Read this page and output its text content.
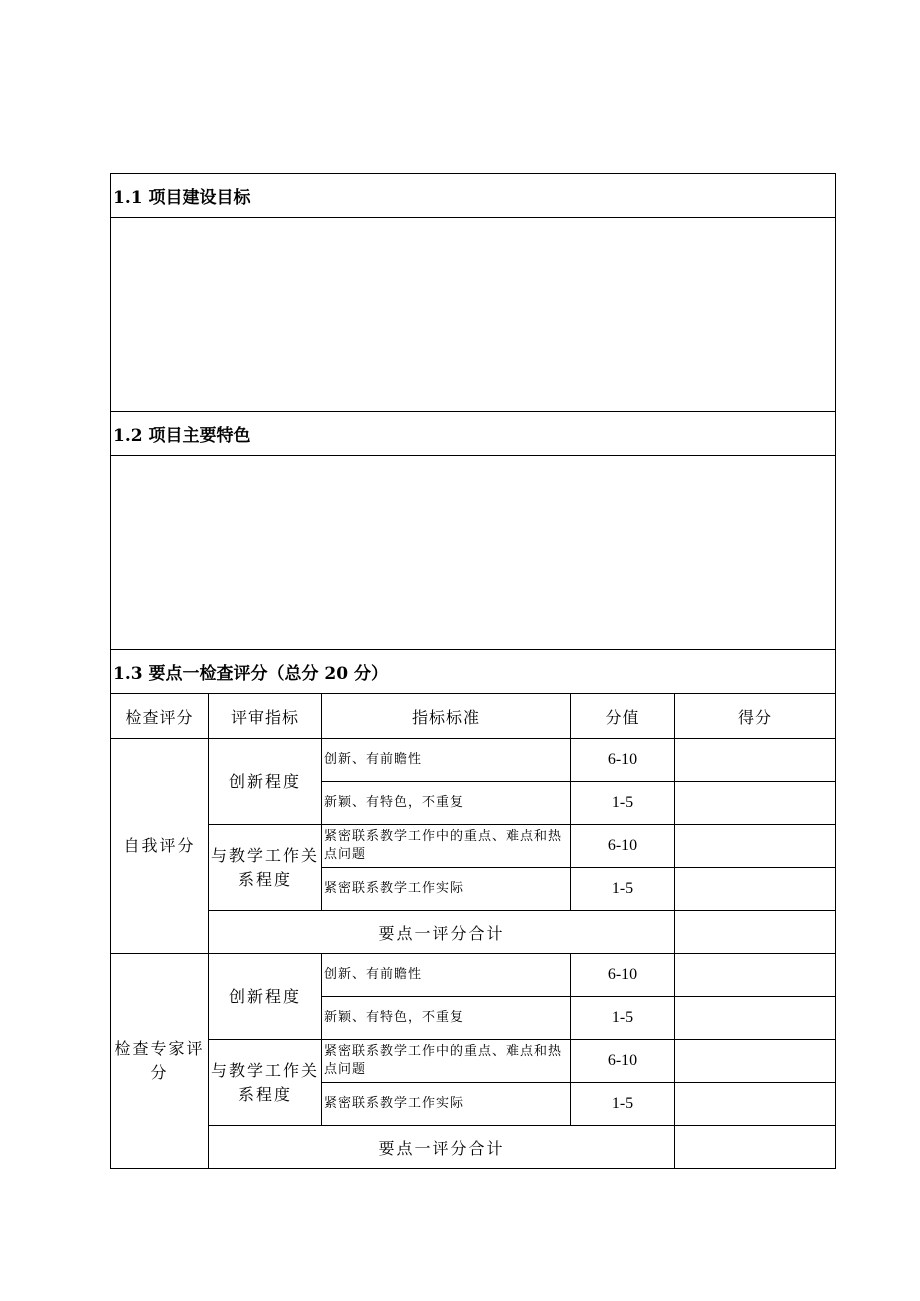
1.1 项目建设目标				

1.2 项目主要特色				

1.3 要点一检查评分（总分 20 分）				
检查评分	评审指标	指标标准	分值	得分
自我评分	创新程度	创新、有前瞻性	6-10	
		新颖、有特色，不重复	1-5	
	与教学工作关系程度	紧密联系教学工作中的重点、难点和热点问题	6-10	
		紧密联系教学工作实际	1-5	
	要点一评分合计			
检查专家评分	创新程度	创新、有前瞻性	6-10	
		新颖、有特色，不重复	1-5	
	与教学工作关系程度	紧密联系教学工作中的重点、难点和热点问题	6-10	
		紧密联系教学工作实际	1-5	
	要点一评分合计			
